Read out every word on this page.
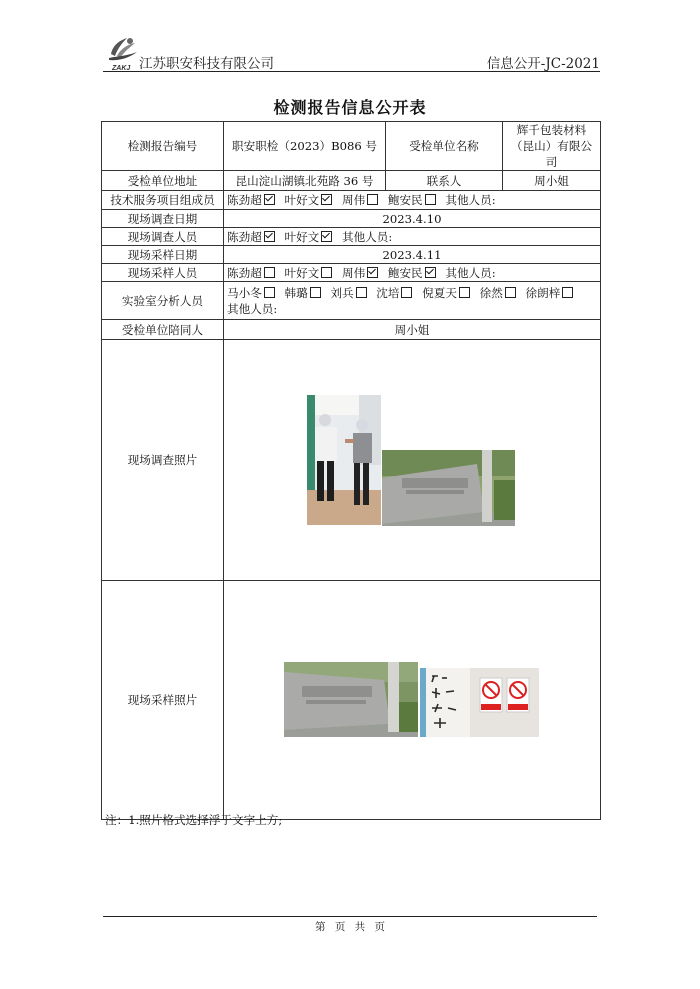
ZAKJ 江苏职安科技有限公司	信息公开-JC-2021
检测报告信息公开表
检测报告编号	职安职检（2023）B086 号	受检单位名称	辉千包装材料（昆山）有限公司
受检单位地址	昆山淀山湖镇北苑路 36 号	联系人	周小姐
技术服务项目组成员	陈劲超 叶好文 周伟 鲍安民 其他人员:		
现场调查日期	2023.4.10		
现场调查人员	陈劲超 叶好文 其他人员:		
现场采样日期	2023.4.11		
现场采样人员	陈劲超 叶好文 周伟 鲍安民 其他人员:		
实验室分析人员	马小冬 韩璐 刘兵 沈培 倪夏天 徐然 徐朗梓
其他人员:		
受检单位陪同人	周小姐		
现场调查照片	

现场采样照片	
注：1.照片格式选择浮于文字上方;
第 页 共 页
